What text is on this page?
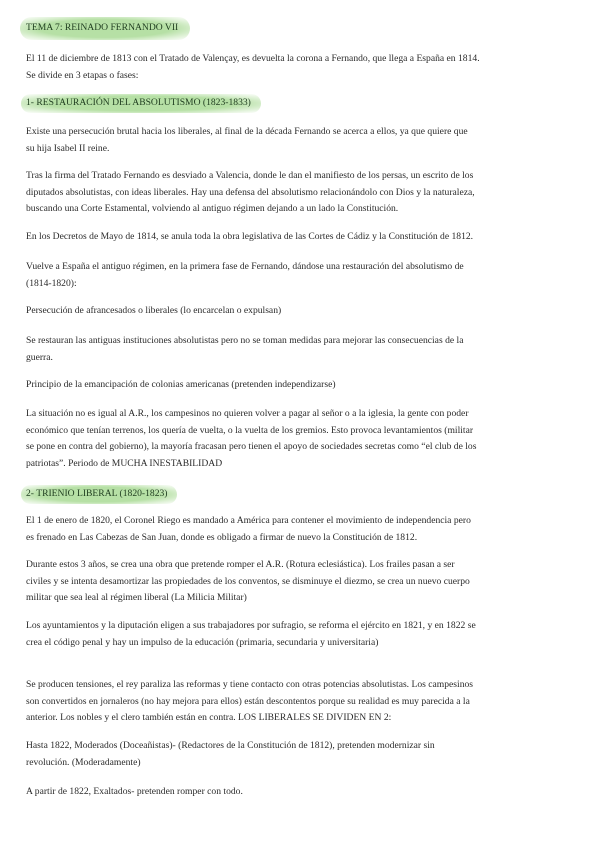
TEMA 7: REINADO FERNANDO VII

El 11 de diciembre de 1813 con el Tratado de Valençay, es devuelta la corona a Fernando, que llega a España en 1814.
Se divide en 3 etapas o fases:

1- RESTAURACIÓN DEL ABSOLUTISMO (1823-1833)

Existe una persecución brutal hacia los liberales, al final de la década Fernando se acerca a ellos, ya que quiere que
su hija Isabel II reine.

Tras la firma del Tratado Fernando es desviado a Valencia, donde le dan el manifiesto de los persas, un escrito de los
diputados absolutistas, con ideas liberales. Hay una defensa del absolutismo relacionándolo con Dios y la naturaleza,
buscando una Corte Estamental, volviendo al antiguo régimen dejando a un lado la Constitución.

En los Decretos de Mayo de 1814, se anula toda la obra legislativa de las Cortes de Cádiz y la Constitución de 1812.

Vuelve a España el antiguo régimen, en la primera fase de Fernando, dándose una restauración del absolutismo de
(1814-1820):

Persecución de afrancesados o liberales (lo encarcelan o expulsan)

Se restauran las antiguas instituciones absolutistas pero no se toman medidas para mejorar las consecuencias de la
guerra.

Principio de la emancipación de colonias americanas (pretenden independizarse)

La situación no es igual al A.R., los campesinos no quieren volver a pagar al señor o a la iglesia, la gente con poder
económico que tenían terrenos, los quería de vuelta, o la vuelta de los gremios. Esto provoca levantamientos (militar
se pone en contra del gobierno), la mayoría fracasan pero tienen el apoyo de sociedades secretas como “el club de los
patriotas”. Periodo de MUCHA INESTABILIDAD

2- TRIENIO LIBERAL (1820-1823)

El 1 de enero de 1820, el Coronel Riego es mandado a América para contener el movimiento de independencia pero
es frenado en Las Cabezas de San Juan, donde es obligado a firmar de nuevo la Constitución de 1812.

Durante estos 3 años, se crea una obra que pretende romper el A.R. (Rotura eclesiástica). Los frailes pasan a ser
civiles y se intenta desamortizar las propiedades de los conventos, se disminuye el diezmo, se crea un nuevo cuerpo
militar que sea leal al régimen liberal (La Milicia Militar)

Los ayuntamientos y la diputación eligen a sus trabajadores por sufragio, se reforma el ejército en 1821, y en 1822 se
crea el código penal y hay un impulso de la educación (primaria, secundaria y universitaria)

Se producen tensiones, el rey paraliza las reformas y tiene contacto con otras potencias absolutistas. Los campesinos
son convertidos en jornaleros (no hay mejora para ellos) están descontentos porque su realidad es muy parecida a la
anterior. Los nobles y el clero también están en contra. LOS LIBERALES SE DIVIDEN EN 2:

Hasta 1822, Moderados (Doceañistas)- (Redactores de la Constitución de 1812), pretenden modernizar sin
revolución. (Moderadamente)

A partir de 1822, Exaltados- pretenden romper con todo.
